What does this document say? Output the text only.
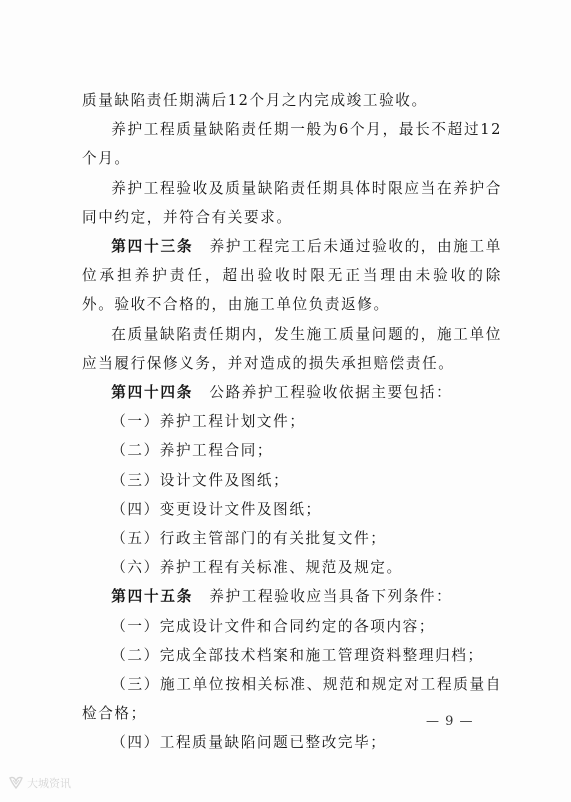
质量缺陷责任期满后12个月之内完成竣工验收。

养护工程质量缺陷责任期一般为6个月，最长不超过12个月。

养护工程验收及质量缺陷责任期具体时限应当在养护合同中约定，并符合有关要求。

第四十三条　 养护工程完工后未通过验收的，由施工单位承担养护责任，超出验收时限无正当理由未验收的除外。验收不合格的，由施工单位负责返修。

在质量缺陷责任期内，发生施工质量问题的，施工单位应当履行保修义务，并对造成的损失承担赔偿责任。

第四十四条　 公路养护工程验收依据主要包括：

（一）养护工程计划文件；

（二）养护工程合同；

（三）设计文件及图纸；

（四）变更设计文件及图纸；

（五）行政主管部门的有关批复文件；

（六）养护工程有关标准、规范及规定。

第四十五条　 养护工程验收应当具备下列条件：

（一）完成设计文件和合同约定的各项内容；

（二）完成全部技术档案和施工管理资料整理归档；

（三）施工单位按相关标准、规范和规定对工程质量自检合格；

（四）工程质量缺陷问题已整改完毕；

— 9 —
大城资讯
